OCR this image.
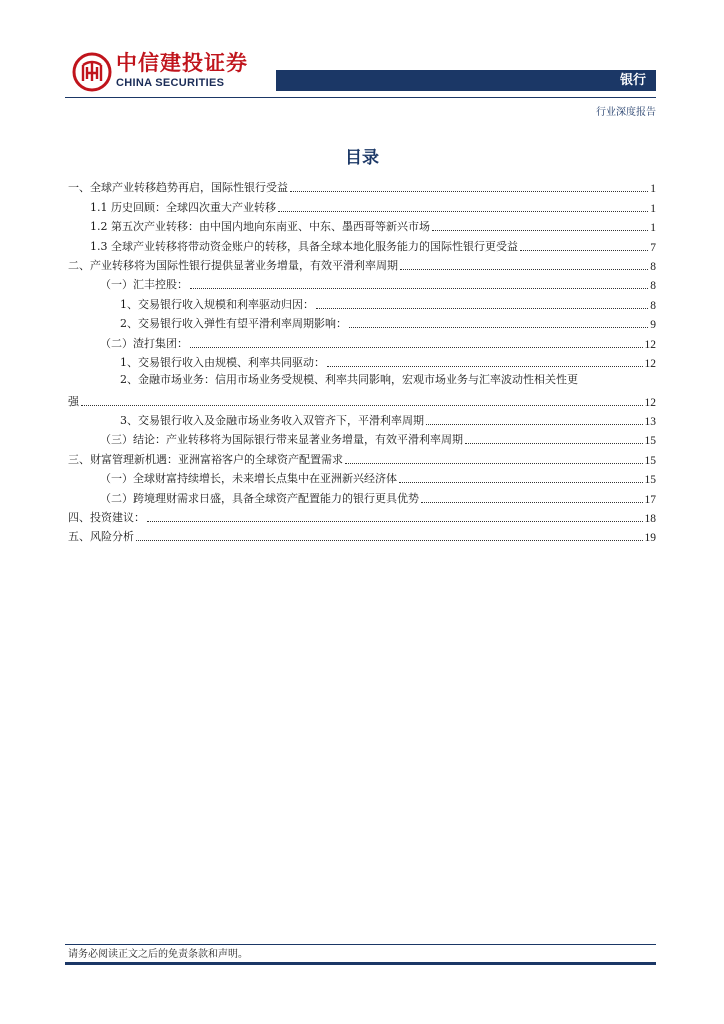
中信建投证券
CHINA SECURITIES	银行
行业深度报告
目录
一、全球产业转移趋势再启，国际性银行受益	1
1.1 历史回顾：全球四次重大产业转移	1
1.2 第五次产业转移：由中国内地向东南亚、中东、墨西哥等新兴市场	1
1.3 全球产业转移将带动资金账户的转移，具备全球本地化服务能力的国际性银行更受益	7
二、产业转移将为国际性银行提供显著业务增量，有效平滑利率周期	8
（一）汇丰控股：	8
1、交易银行收入规模和利率驱动归因：	8
2、交易银行收入弹性有望平滑利率周期影响：	9
（二）渣打集团：	12
1、交易银行收入由规模、利率共同驱动：	12
2、金融市场业务：信用市场业务受规模、利率共同影响，宏观市场业务与汇率波动性相关性更
强	12
3、交易银行收入及金融市场业务收入双管齐下，平滑利率周期	13
（三）结论：产业转移将为国际银行带来显著业务增量，有效平滑利率周期	15
三、财富管理新机遇：亚洲富裕客户的全球资产配置需求	15
（一）全球财富持续增长，未来增长点集中在亚洲新兴经济体	15
（二）跨境理财需求日盛，具备全球资产配置能力的银行更具优势	17
四、投资建议：	18
五、风险分析	19
请务必阅读正文之后的免责条款和声明。
